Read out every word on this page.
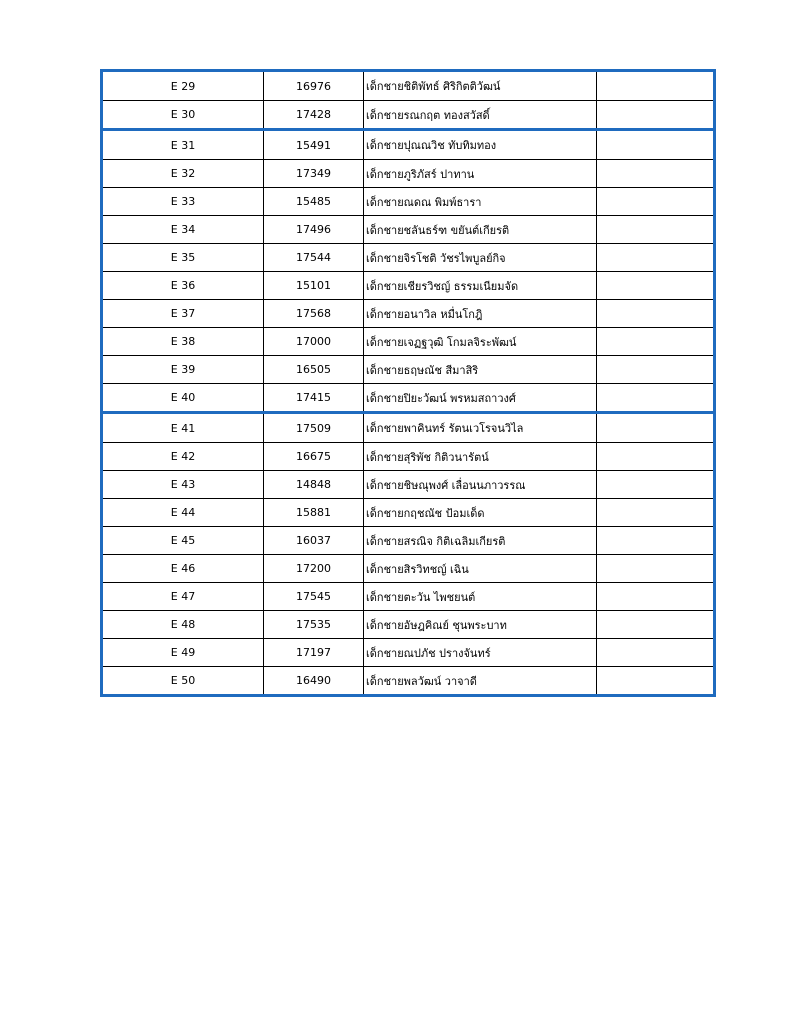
E 29	16976	เด็กชายชิติพัทธ์ ศิริกิตติวัฒน์
E 30	17428	เด็กชายรณกฤต ทองสวัสดิ์
E 31	15491	เด็กชายปุณณวิช ทับทิมทอง
E 32	17349	เด็กชายภูริภัสร์ ปาทาน
E 33	15485	เด็กชายณดณ พิมพ์ธารา
E 34	17496	เด็กชายชลันธร์ฑ ขยันต์เกียรติ
E 35	17544	เด็กชายจิรโชติ วัชรไพบูลย์กิจ
E 36	15101	เด็กชายเชียรวิชญ์ ธรรมเนียมจัด
E 37	17568	เด็กชายอนาวิล หมื่นโกฎิ
E 38	17000	เด็กชายเจฏฐวุฒิ โกมลจิระพัฒน์
E 39	16505	เด็กชายธฤษณัช สีมาสิริ
E 40	17415	เด็กชายปิยะวัฒน์ พรหมสถาวงศ์
E 41	17509	เด็กชายพาคินทร์ รัตนเวโรจนวิไล
E 42	16675	เด็กชายสุริพัช กิติวนารัตน์
E 43	14848	เด็กชายชิษณุพงศ์ เลื่อนนภาวรรณ
E 44	15881	เด็กชายกฤชณัช ป้อมเด็ด
E 45	16037	เด็กชายสรณิจ กิติเฉลิมเกียรติ
E 46	17200	เด็กชายสิรวิทชญ์ เฉิน
E 47	17545	เด็กชายตะวัน ไพชยนต์
E 48	17535	เด็กชายอัษฎคิณย์ ชุนพระบาท
E 49	17197	เด็กชายณปภัช ปรางจันทร์
E 50	16490	เด็กชายพลวัฒน์ วาจาดี
